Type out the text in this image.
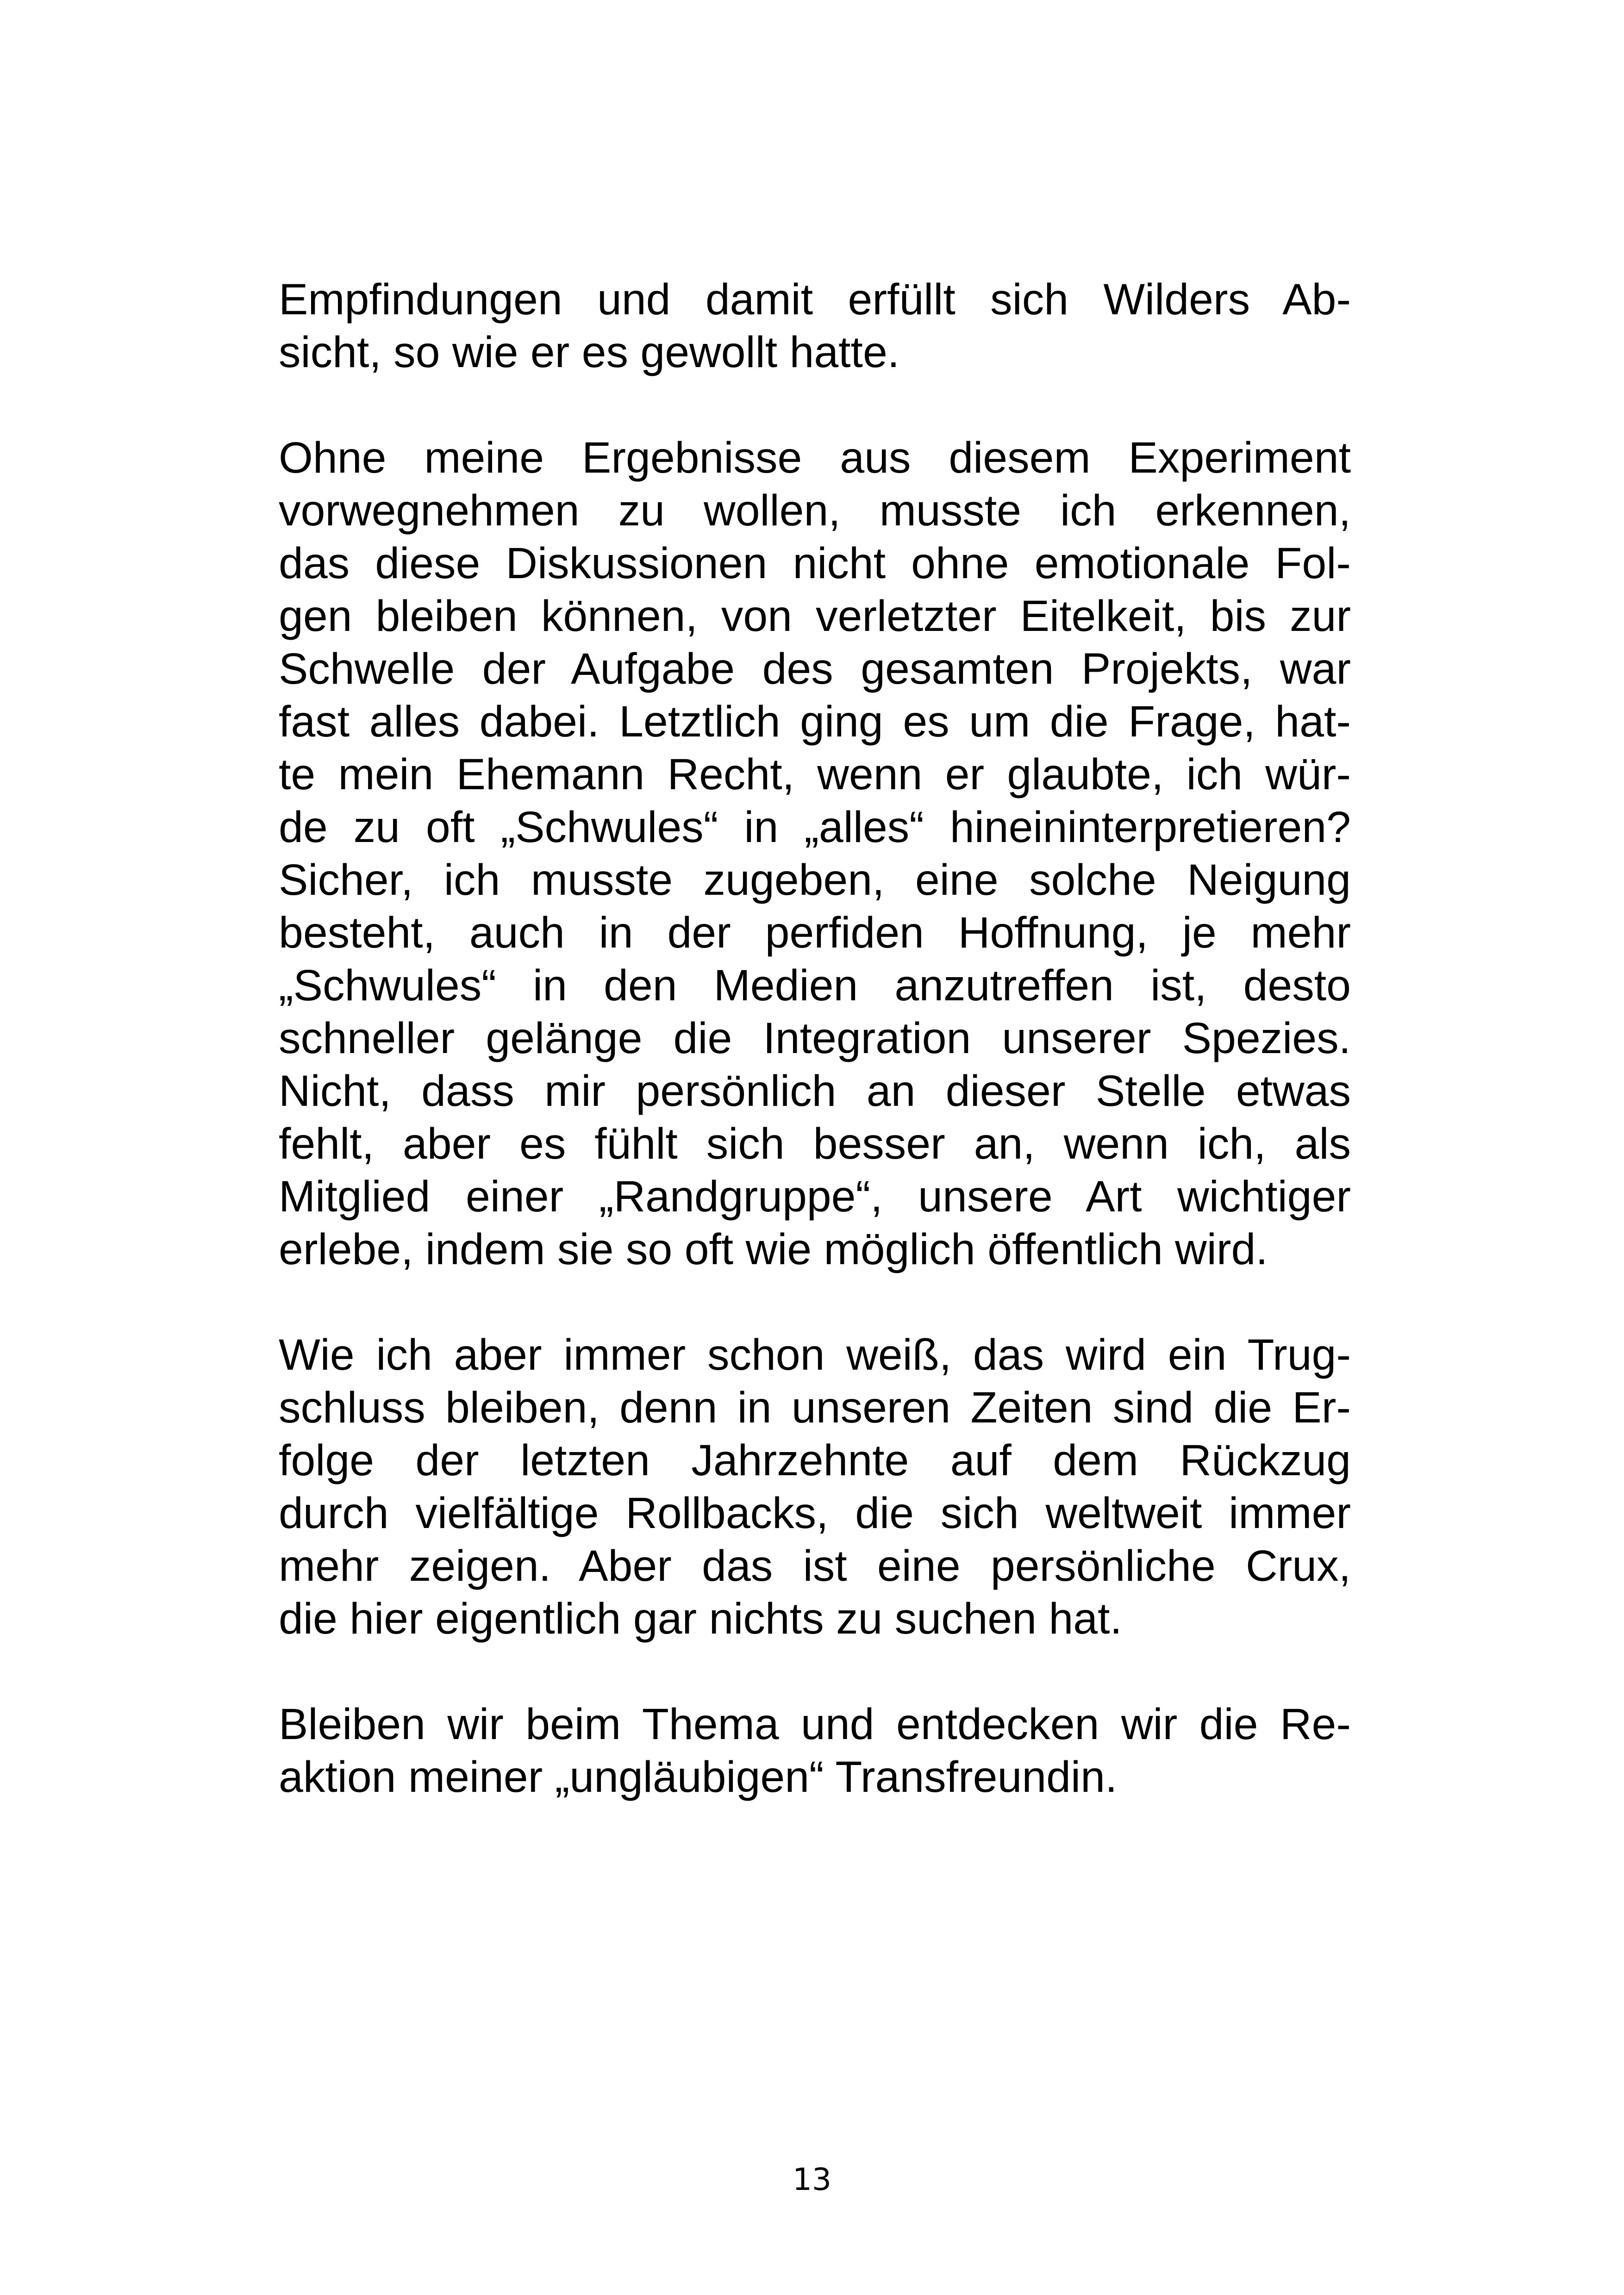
Empfindungen und damit erfüllt sich Wilders Ab-
sicht, so wie er es gewollt hatte.

Ohne meine Ergebnisse aus diesem Experiment
vorwegnehmen zu wollen, musste ich erkennen,
das diese Diskussionen nicht ohne emotionale Fol-
gen bleiben können, von verletzter Eitelkeit, bis zur
Schwelle der Aufgabe des gesamten Projekts, war
fast alles dabei. Letztlich ging es um die Frage, hat-
te mein Ehemann Recht, wenn er glaubte, ich wür-
de zu oft „Schwules“ in „alles“ hineininterpretieren?
Sicher, ich musste zugeben, eine solche Neigung
besteht, auch in der perfiden Hoffnung, je mehr
„Schwules“ in den Medien anzutreffen ist, desto
schneller gelänge die Integration unserer Spezies.
Nicht, dass mir persönlich an dieser Stelle etwas
fehlt, aber es fühlt sich besser an, wenn ich, als
Mitglied einer „Randgruppe“, unsere Art wichtiger
erlebe, indem sie so oft wie möglich öffentlich wird.

Wie ich aber immer schon weiß, das wird ein Trug-
schluss bleiben, denn in unseren Zeiten sind die Er-
folge der letzten Jahrzehnte auf dem Rückzug
durch vielfältige Rollbacks, die sich weltweit immer
mehr zeigen. Aber das ist eine persönliche Crux,
die hier eigentlich gar nichts zu suchen hat.

Bleiben wir beim Thema und entdecken wir die Re-
aktion meiner „ungläubigen“ Transfreundin.

13
